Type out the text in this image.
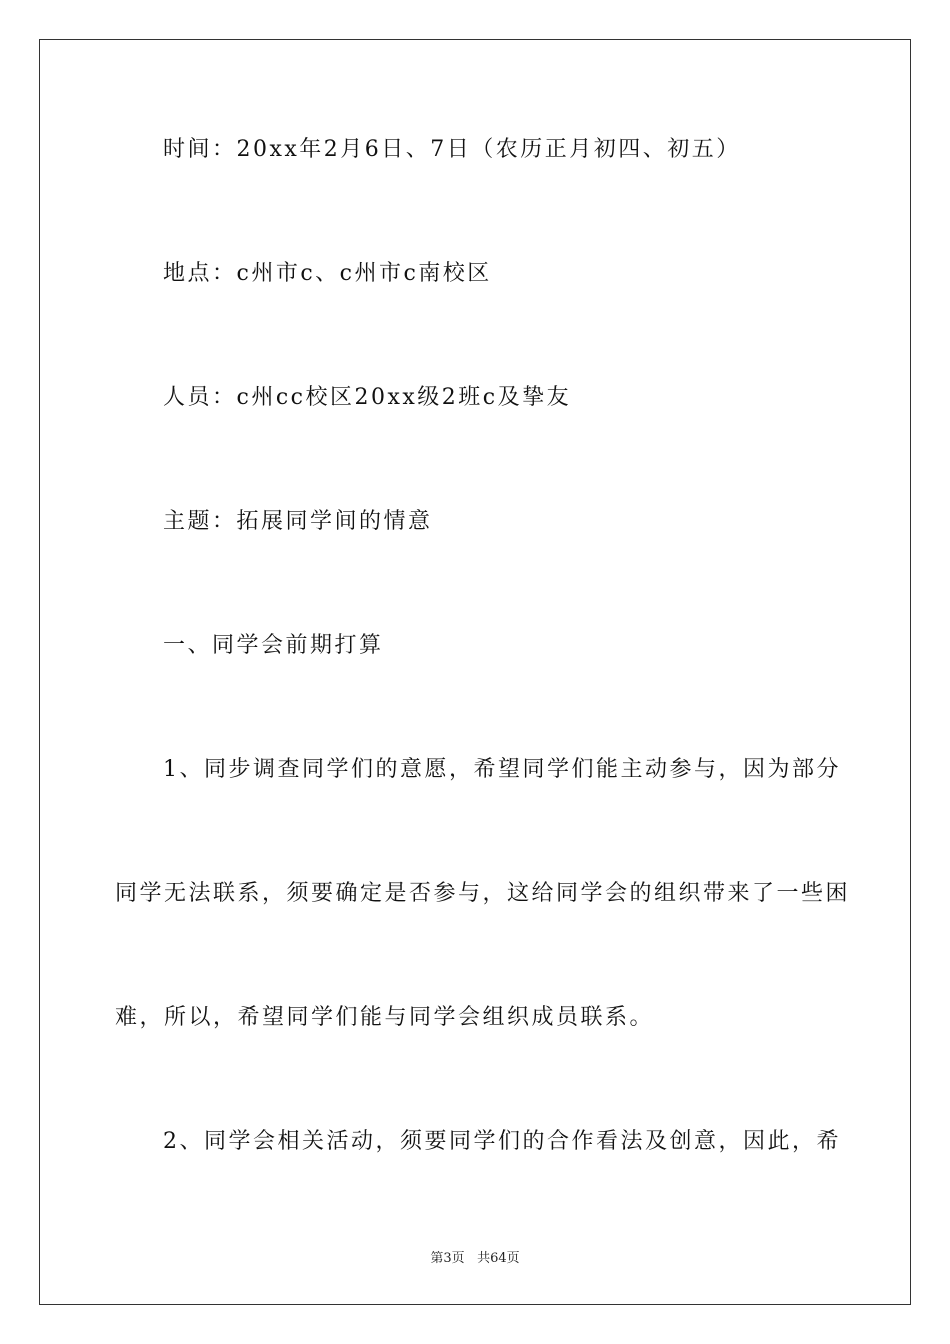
时间：20xx年2月6日、7日（农历正月初四、初五）
地点：c州市c、c州市c南校区
人员：c州cc校区20xx级2班c及挚友
主题：拓展同学间的情意
一、同学会前期打算
1、同步调查同学们的意愿，希望同学们能主动参与，因为部分
同学无法联系，须要确定是否参与，这给同学会的组织带来了一些困
难，所以，希望同学们能与同学会组织成员联系。
2、同学会相关活动，须要同学们的合作看法及创意，因此，希
第3页 共64页
